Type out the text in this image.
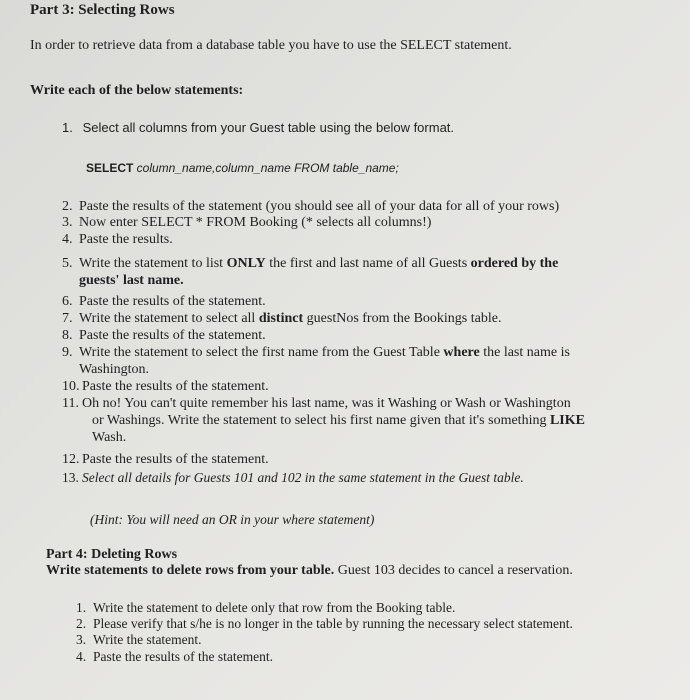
Part 3: Selecting Rows
In order to retrieve data from a database table you have to use the SELECT statement.
Write each of the below statements:
1. Select all columns from your Guest table using the below format.
SELECT column_name,column_name FROM table_name;
2. Paste the results of the statement (you should see all of your data for all of your rows)
3. Now enter SELECT * FROM Booking (* selects all columns!)
4. Paste the results.
5. Write the statement to list ONLY the first and last name of all Guests ordered by the
guests' last name.
6. Paste the results of the statement.
7. Write the statement to select all distinct guestNos from the Bookings table.
8. Paste the results of the statement.
9. Write the statement to select the first name from the Guest Table where the last name is
Washington.
10. Paste the results of the statement.
11. Oh no! You can't quite remember his last name, was it Washing or Wash or Washington
or Washings. Write the statement to select his first name given that it's something LIKE
Wash.
12. Paste the results of the statement.
13. Select all details for Guests 101 and 102 in the same statement in the Guest table.
(Hint: You will need an OR in your where statement)
Part 4: Deleting Rows
Write statements to delete rows from your table. Guest 103 decides to cancel a reservation.
1. Write the statement to delete only that row from the Booking table.
2. Please verify that s/he is no longer in the table by running the necessary select statement.
3. Write the statement.
4. Paste the results of the statement.
